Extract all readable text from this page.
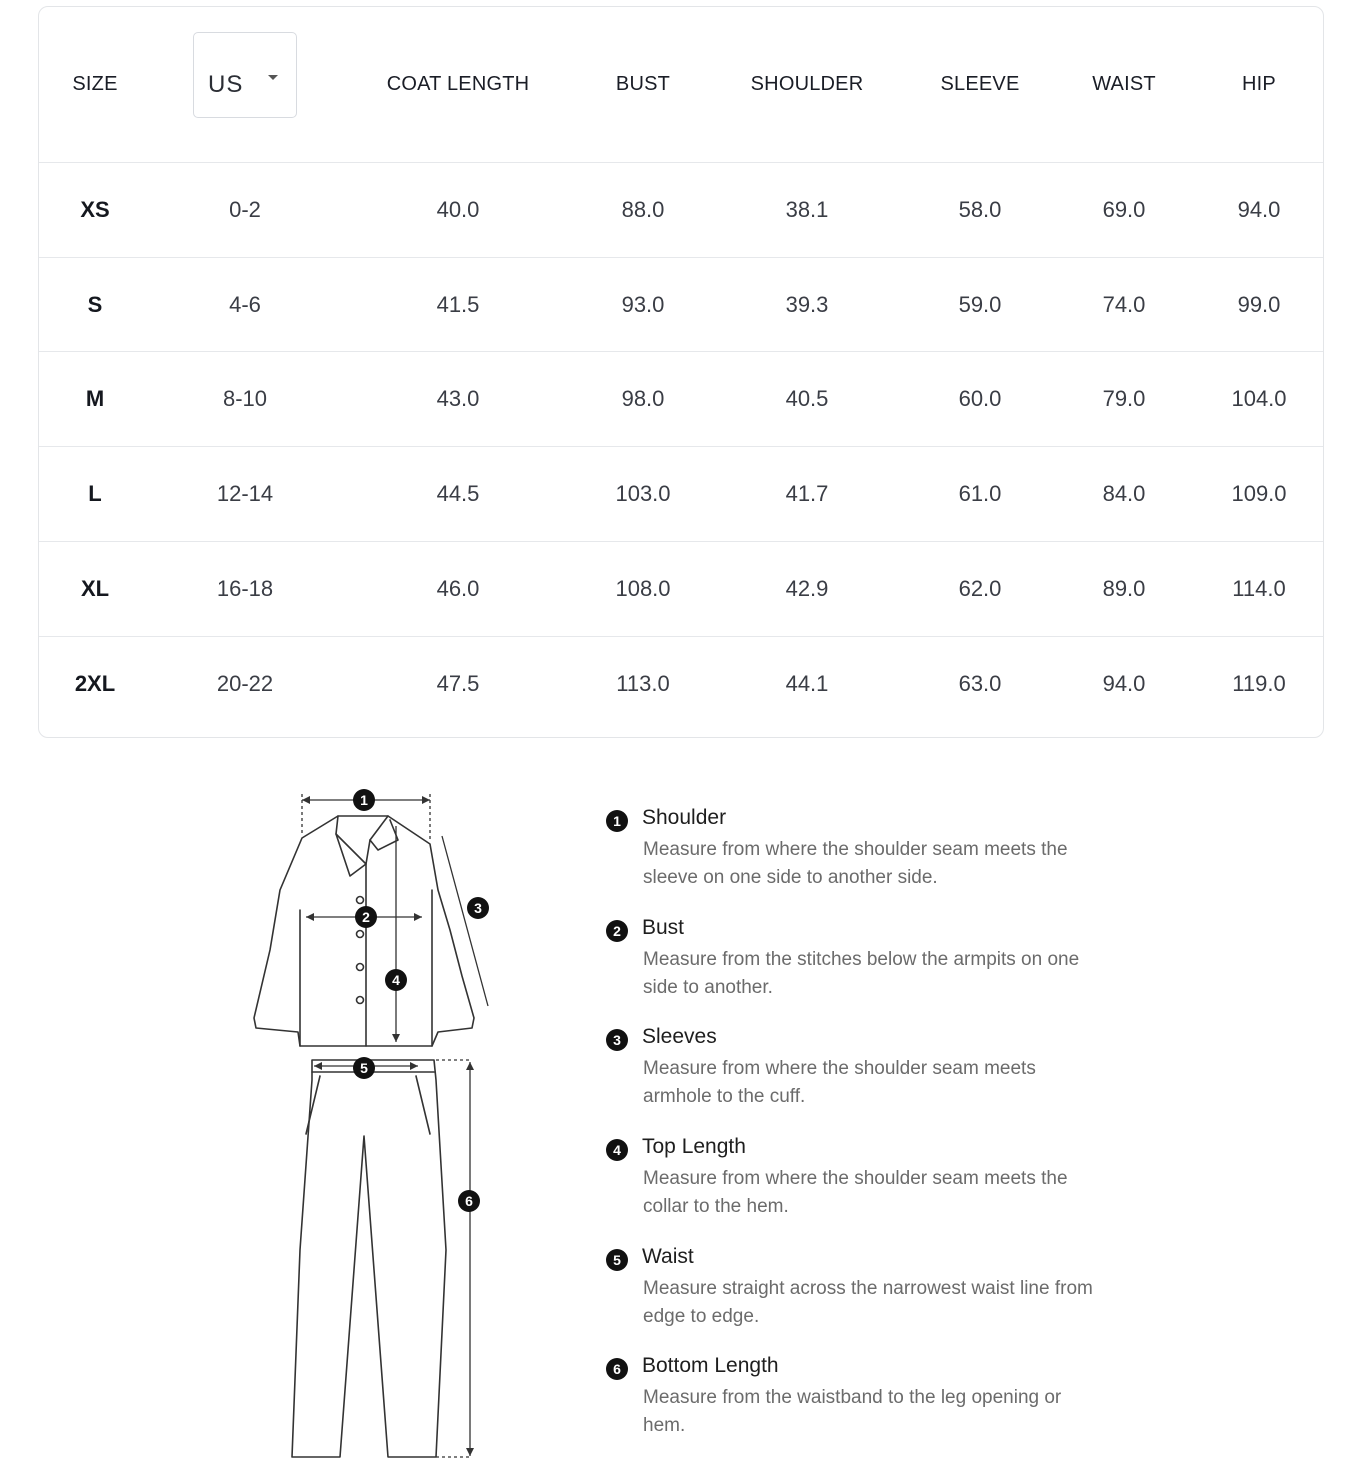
SIZE	US	COAT LENGTH	BUST	SHOULDER	SLEEVE	WAIST	HIP
XS	0-2	40.0	88.0	38.1	58.0	69.0	94.0
S	4-6	41.5	93.0	39.3	59.0	74.0	99.0
M	8-10	43.0	98.0	40.5	60.0	79.0	104.0
L	12-14	44.5	103.0	41.7	61.0	84.0	109.0
XL	16-18	46.0	108.0	42.9	62.0	89.0	114.0
2XL	20-22	47.5	113.0	44.1	63.0	94.0	119.0
1
2
3
4
5
6
1	Shoulder
Measure from where the shoulder seam meets the sleeve on one side to another side.
2	Bust
Measure from the stitches below the armpits on one side to another.
3	Sleeves
Measure from where the shoulder seam meets armhole to the cuff.
4	Top Length
Measure from where the shoulder seam meets the collar to the hem.
5	Waist
Measure straight across the narrowest waist line from edge to edge.
6	Bottom Length
Measure from the waistband to the leg opening or hem.
